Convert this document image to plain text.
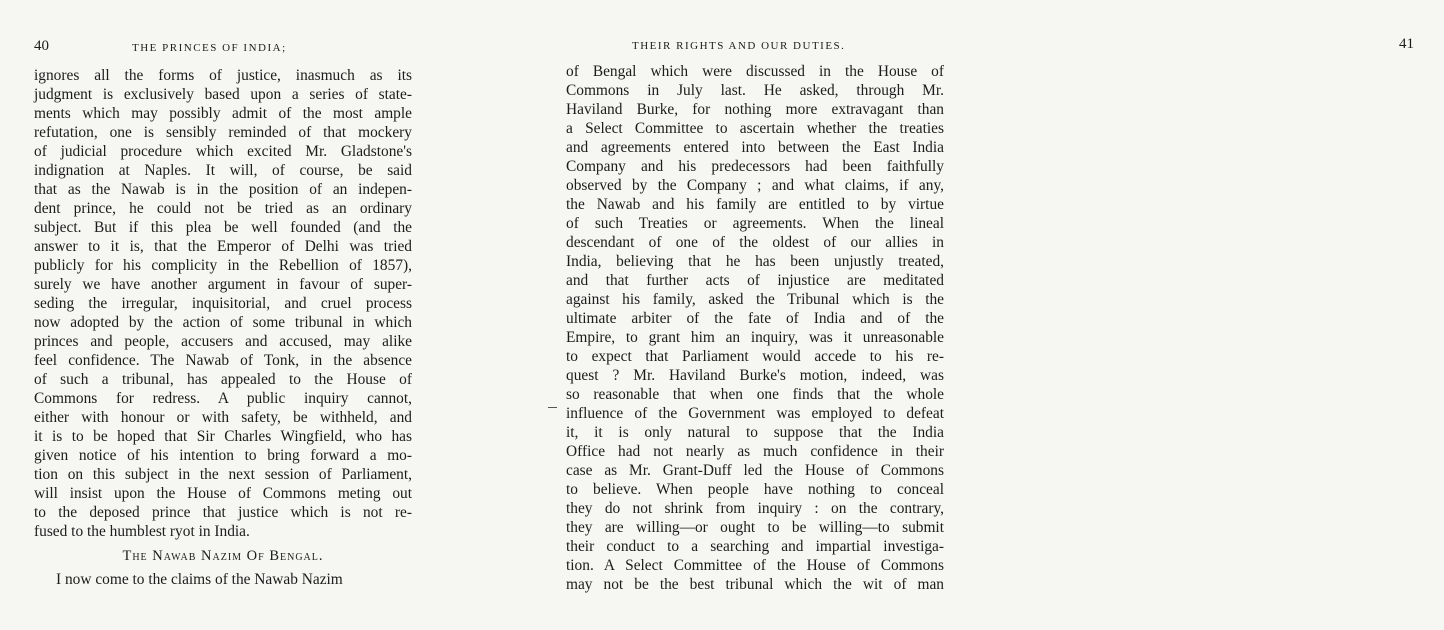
40	THE PRINCES OF INDIA;
ignores all the forms of justice, inasmuch as its
judgment is exclusively based upon a series of state-
ments which may possibly admit of the most ample
refutation, one is sensibly reminded of that mockery
of judicial procedure which excited Mr. Gladstone's
indignation at Naples. It will, of course, be said
that as the Nawab is in the position of an indepen-
dent prince, he could not be tried as an ordinary
subject. But if this plea be well founded (and the
answer to it is, that the Emperor of Delhi was tried
publicly for his complicity in the Rebellion of 1857),
surely we have another argument in favour of super-
seding the irregular, inquisitorial, and cruel process
now adopted by the action of some tribunal in which
princes and people, accusers and accused, may alike
feel confidence. The Nawab of Tonk, in the absence
of such a tribunal, has appealed to the House of
Commons for redress. A public inquiry cannot,
either with honour or with safety, be withheld, and
it is to be hoped that Sir Charles Wingfield, who has
given notice of his intention to bring forward a mo-
tion on this subject in the next session of Parliament,
will insist upon the House of Commons meting out
to the deposed prince that justice which is not re-
fused to the humblest ryot in India.
The Nawab Nazim Of Bengal.
I now come to the claims of the Nawab Nazim
THEIR RIGHTS AND OUR DUTIES.	41
of Bengal which were discussed in the House of
Commons in July last. He asked, through Mr.
Haviland Burke, for nothing more extravagant than
a Select Committee to ascertain whether the treaties
and agreements entered into between the East India
Company and his predecessors had been faithfully
observed by the Company ; and what claims, if any,
the Nawab and his family are entitled to by virtue
of such Treaties or agreements. When the lineal
descendant of one of the oldest of our allies in
India, believing that he has been unjustly treated,
and that further acts of injustice are meditated
against his family, asked the Tribunal which is the
ultimate arbiter of the fate of India and of the
Empire, to grant him an inquiry, was it unreasonable
to expect that Parliament would accede to his re-
quest ? Mr. Haviland Burke's motion, indeed, was
so reasonable that when one finds that the whole
influence of the Government was employed to defeat
it, it is only natural to suppose that the India
Office had not nearly as much confidence in their
case as Mr. Grant-Duff led the House of Commons
to believe. When people have nothing to conceal
they do not shrink from inquiry : on the contrary,
they are willing—or ought to be willing—to submit
their conduct to a searching and impartial investiga-
tion. A Select Committee of the House of Commons
may not be the best tribunal which the wit of man
